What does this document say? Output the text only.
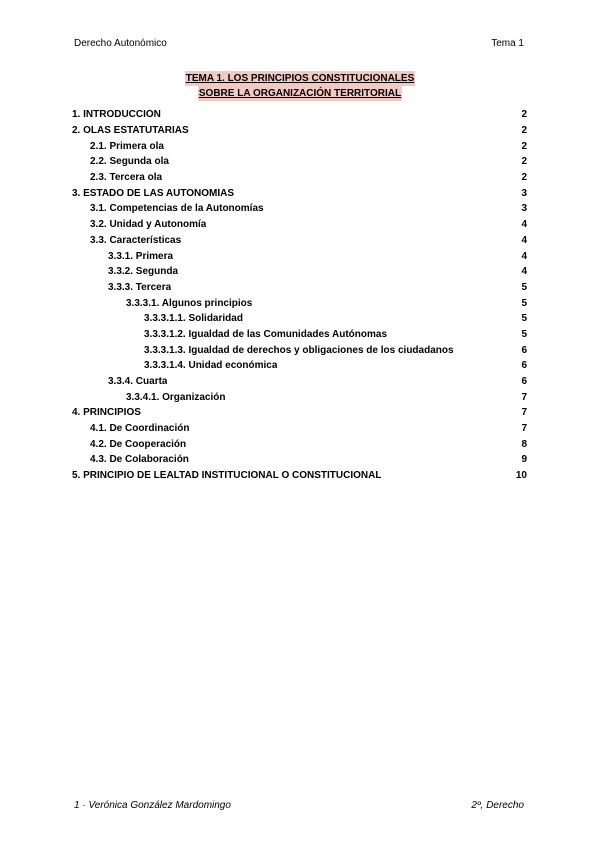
Derecho Autonómico	Tema 1
TEMA 1. LOS PRINCIPIOS CONSTITUCIONALES
SOBRE LA ORGANIZACIÓN TERRITORIAL
1. INTRODUCCIÓN	2
2. OLAS ESTATUTARIAS	2
2.1. Primera ola	2
2.2. Segunda ola	2
2.3. Tercera ola	2
3. ESTADO DE LAS AUTONOMÍAS	3
3.1. Competencias de la Autonomías	3
3.2. Unidad y Autonomía	4
3.3. Características	4
3.3.1. Primera	4
3.3.2. Segunda	4
3.3.3. Tercera	5
3.3.3.1. Algunos principios	5
3.3.3.1.1. Solidaridad	5
3.3.3.1.2. Igualdad de las Comunidades Autónomas	5
3.3.3.1.3. Igualdad de derechos y obligaciones de los ciudadanos	6
3.3.3.1.4. Unidad económica	6
3.3.4. Cuarta	6
3.3.4.1. Organización	7
4. PRINCIPIOS	7
4.1. De Coordinación	7
4.2. De Cooperación	8
4.3. De Colaboración	9
5. PRINCIPIO DE LEALTAD INSTITUCIONAL O CONSTITUCIONAL	10
1 · Verónica González Mardomingo	2º, Derecho
